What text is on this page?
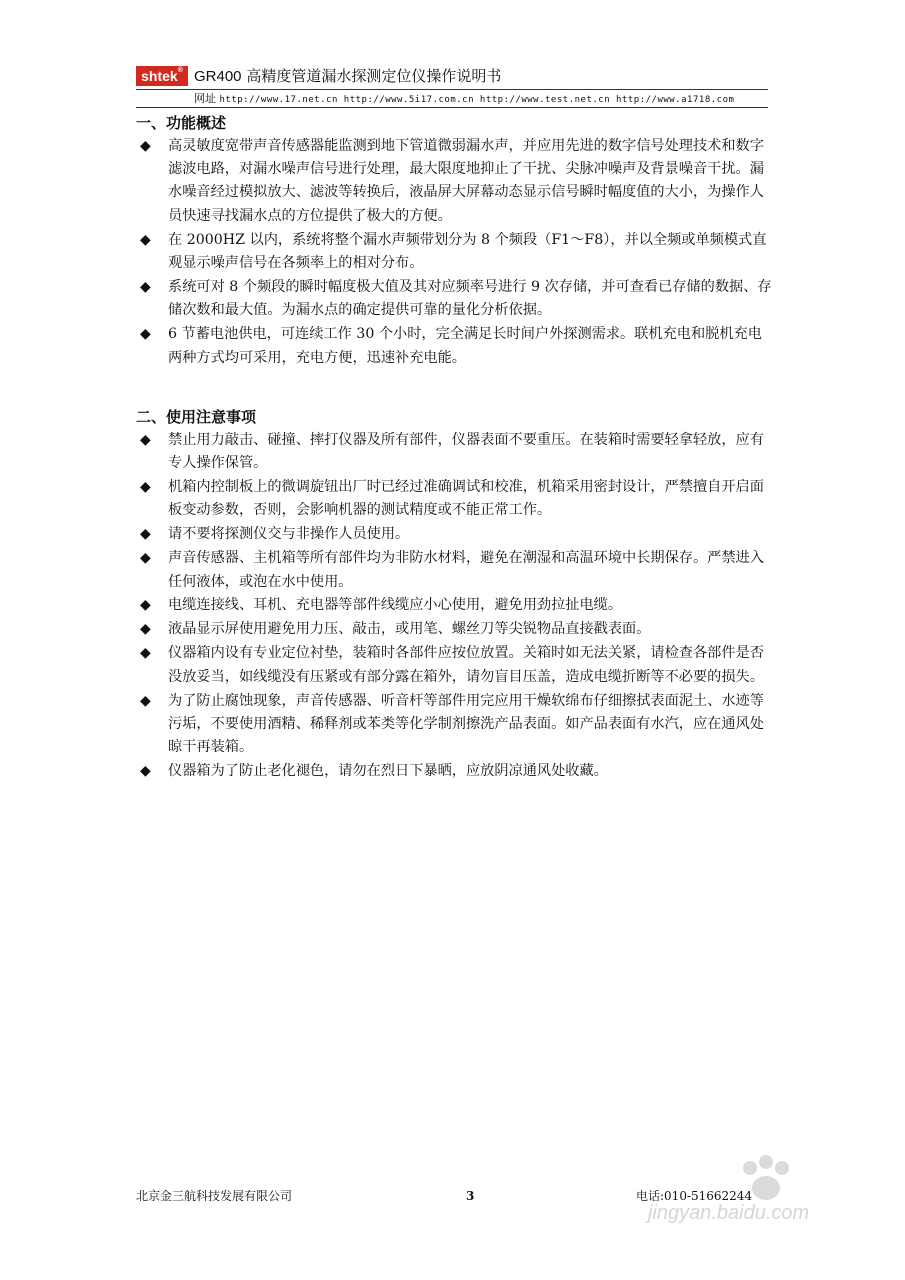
shtek® GR400 高精度管道漏水探测定位仪操作说明书
网址 http://www.17.net.cn http://www.5i17.com.cn http://www.test.net.cn http://www.a1718.com
一、功能概述
◆ 高灵敏度宽带声音传感器能监测到地下管道微弱漏水声，并应用先进的数字信号处理技术和数字滤波电路，对漏水噪声信号进行处理，最大限度地抑止了干扰、尖脉冲噪声及背景噪音干扰。漏水噪音经过模拟放大、滤波等转换后，液晶屏大屏幕动态显示信号瞬时幅度值的大小，为操作人员快速寻找漏水点的方位提供了极大的方便。
◆ 在 2000HZ 以内，系统将整个漏水声频带划分为 8 个频段（F1～F8），并以全频或单频模式直观显示噪声信号在各频率上的相对分布。
◆ 系统可对 8 个频段的瞬时幅度极大值及其对应频率号进行 9 次存储，并可查看已存储的数据、存储次数和最大值。为漏水点的确定提供可靠的量化分析依据。
◆ 6 节蓄电池供电，可连续工作 30 个小时，完全满足长时间户外探测需求。联机充电和脱机充电两种方式均可采用，充电方便，迅速补充电能。
二、使用注意事项
◆ 禁止用力敲击、碰撞、摔打仪器及所有部件，仪器表面不要重压。在装箱时需要轻拿轻放，应有专人操作保管。
◆ 机箱内控制板上的微调旋钮出厂时已经过准确调试和校准，机箱采用密封设计，严禁擅自开启面板变动参数，否则，会影响机器的测试精度或不能正常工作。
◆ 请不要将探测仪交与非操作人员使用。
◆ 声音传感器、主机箱等所有部件均为非防水材料，避免在潮湿和高温环境中长期保存。严禁进入任何液体，或泡在水中使用。
◆ 电缆连接线、耳机、充电器等部件线缆应小心使用，避免用劲拉扯电缆。
◆ 液晶显示屏使用避免用力压、敲击，或用笔、螺丝刀等尖锐物品直接戳表面。
◆ 仪器箱内设有专业定位衬垫，装箱时各部件应按位放置。关箱时如无法关紧，请检查各部件是否没放妥当，如线缆没有压紧或有部分露在箱外，请勿盲目压盖，造成电缆折断等不必要的损失。
◆ 为了防止腐蚀现象，声音传感器、听音杆等部件用完应用干燥软绵布仔细擦拭表面泥土、水迹等污垢，不要使用酒精、稀释剂或苯类等化学制剂擦洗产品表面。如产品表面有水汽，应在通风处晾干再装箱。
◆ 仪器箱为了防止老化褪色，请勿在烈日下暴晒，应放阴凉通风处收藏。
北京金三航科技发展有限公司	3	电话:010-51662244
jingyan.baidu.com
